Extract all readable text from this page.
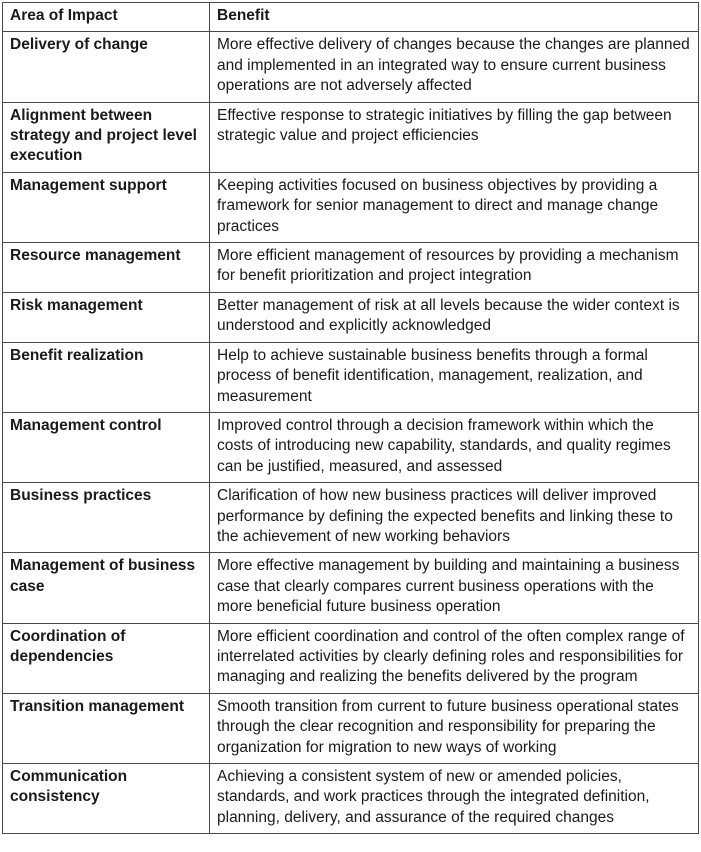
Area of Impact	Benefit
Delivery of change	More effective delivery of changes because the changes are planned and implemented in an integrated way to ensure current business operations are not adversely affected
Alignment between strategy and project level execution	Effective response to strategic initiatives by filling the gap between strategic value and project efficiencies
Management support	Keeping activities focused on business objectives by providing a framework for senior management to direct and manage change practices
Resource management	More efficient management of resources by providing a mechanism for benefit prioritization and project integration
Risk management	Better management of risk at all levels because the wider context is understood and explicitly acknowledged
Benefit realization	Help to achieve sustainable business benefits through a formal process of benefit identification, management, realization, and measurement
Management control	Improved control through a decision framework within which the costs of introducing new capability, standards, and quality regimes can be justified, measured, and assessed
Business practices	Clarification of how new business practices will deliver improved performance by defining the expected benefits and linking these to the achievement of new working behaviors
Management of business case	More effective management by building and maintaining a business case that clearly compares current business operations with the more beneficial future business operation
Coordination of dependencies	More efficient coordination and control of the often complex range of interrelated activities by clearly defining roles and responsibilities for managing and realizing the benefits delivered by the program
Transition management	Smooth transition from current to future business operational states through the clear recognition and responsibility for preparing the organization for migration to new ways of working
Communication consistency	Achieving a consistent system of new or amended policies, standards, and work practices through the integrated definition, planning, delivery, and assurance of the required changes
